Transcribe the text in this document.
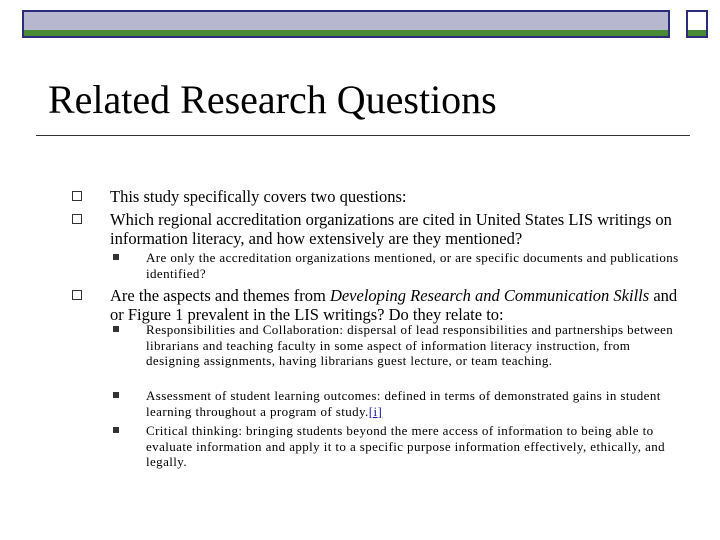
Related Research Questions
This study specifically covers two questions:
Which regional accreditation organizations are cited in United States LIS writings on information literacy, and how extensively are they mentioned?
Are only the accreditation organizations mentioned, or are specific documents and publications identified?
Are the aspects and themes from Developing Research and Communication Skills and or Figure 1 prevalent in the LIS writings? Do they relate to:
Responsibilities and Collaboration: dispersal of lead responsibilities and partnerships between librarians and teaching faculty in some aspect of information literacy instruction, from designing assignments, having librarians guest lecture, or team teaching.
Assessment of student learning outcomes: defined in terms of demonstrated gains in student learning throughout a program of study.[i]
Critical thinking: bringing students beyond the mere access of information to being able to evaluate information and apply it to a specific purpose information effectively, ethically, and legally.
